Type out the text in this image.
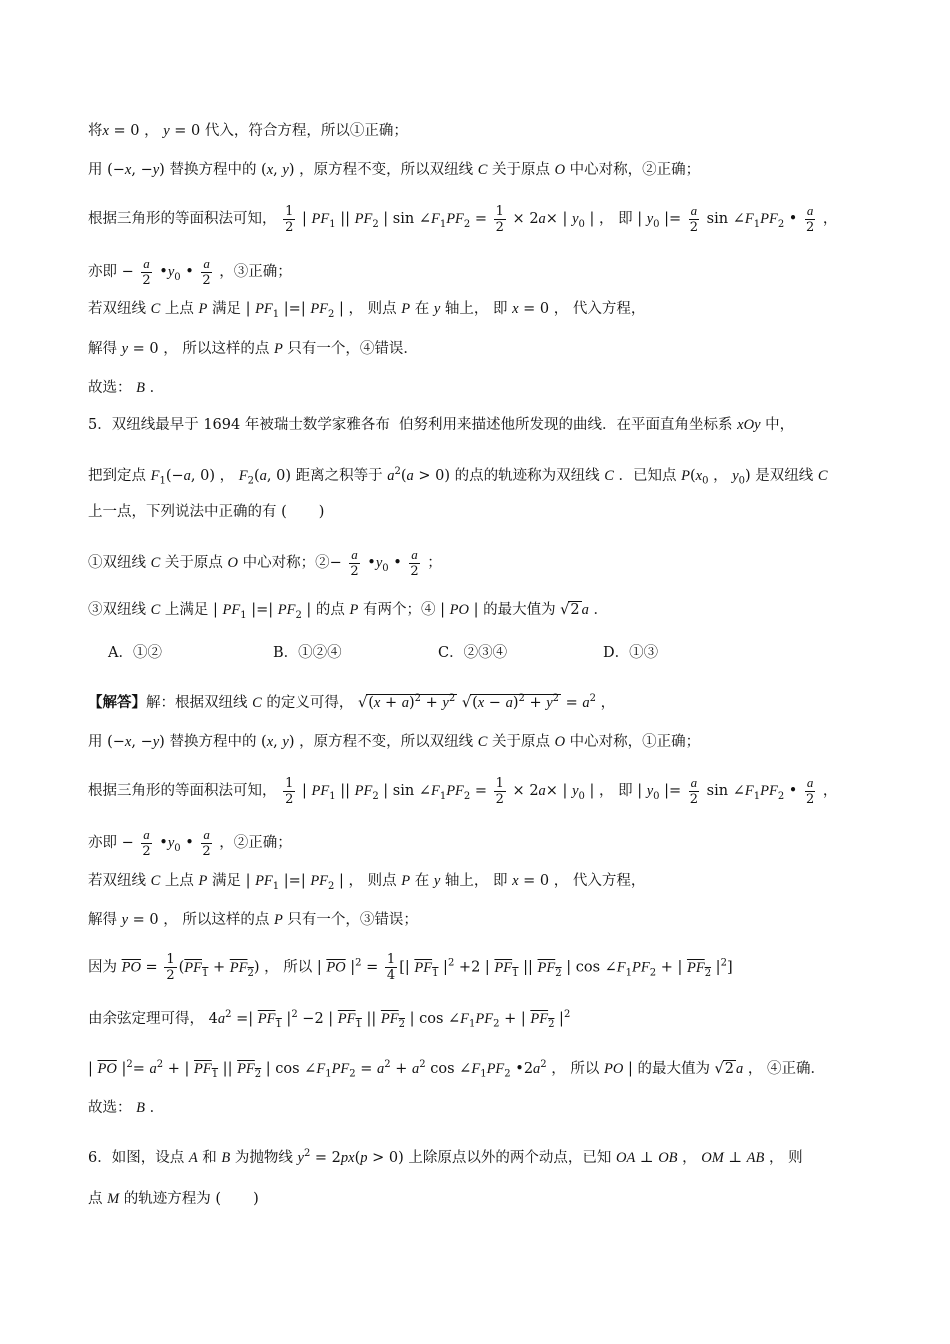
将x = 0 ， y = 0 代入，符合方程，所以①正确；
用 (−x, −y) 替换方程中的 (x, y) ，原方程不变，所以双纽线 C 关于原点 O 中心对称，②正确；
根据三角形的等面积法可知， $\frac{1}{2}$ | $PF_1$ || $PF_2$ | $\sin \angle F_1PF_2 = \frac{1}{2} \times 2a\times$ | $y_0$ | ， 即 | $y_0$ |= $\frac{a}{2}$ $\sin \angle F_1PF_2$ • $\frac{a}{2}$ ，
亦即 − $\frac{a}{2}$ $•y_0$ • $\frac{a}{2}$ ，③正确；
若双纽线 C 上点 P 满足 | $PF_1$ |=| $PF_2$ | ， 则点 P 在 y 轴上， 即 x = 0 ， 代入方程，
解得 y = 0 ， 所以这样的点 P 只有一个，④错误．
故选： B ．
5．双纽线最早于 1694 年被瑞士数学家雅各布  伯努利用来描述他所发现的曲线．在平面直角坐标系 xOy 中，
把到定点 $F_1(-a$, 0) ， $F_2(a$, 0) 距离之积等于 $a^2(a > 0)$ 的点的轨迹称为双纽线 C ．已知点 $P(x_0$ ， $y_0$) 是双纽线 C
上一点，下列说法中正确的有 ( )
①双纽线 C 关于原点 O 中心对称；②− $\frac{a}{2}$ $•y_0$ • $\frac{a}{2}$ ；
③双纽线 C 上满足 | $PF_1$ |=| $PF_2$ | 的点 P 有两个；④ | PO | 的最大值为 √2 a ．
A．①②	B．①②④	C．②③④	D．①③
【解答】解：根据双纽线 C 的定义可得， $√(x + a)^2 + y^2$ $√(x - a)^2 + y^2 = a^2$ ，
用 (−x, −y) 替换方程中的 (x, y) ，原方程不变，所以双纽线 C 关于原点 O 中心对称，①正确；
根据三角形的等面积法可知， $\frac{1}{2}$ | $PF_1$ || $PF_2$ | $\sin \angle F_1PF_2 = \frac{1}{2} \times 2a\times$ | $y_0$ | ， 即 | $y_0$ |= $\frac{a}{2}$ $\sin \angle F_1PF_2$ • $\frac{a}{2}$ ，
亦即 − $\frac{a}{2}$ $•y_0$ • $\frac{a}{2}$ ，②正确；
若双纽线 C 上点 P 满足 | $PF_1$ |=| $PF_2$ | ， 则点 P 在 y 轴上， 即 x = 0 ， 代入方程，
解得 y = 0 ， 所以这样的点 P 只有一个，③错误；
因为 $\overline{PO} = \frac{1}{2} (PF_1 + PF_2)$ ， 所以 | $\overline{PO}$ $|^2 = \frac{1}{4}$ [| $PF_1$ $|^2 +2$ | $PF_1$ || $PF_2$ | $\cos \angle F_1PF_2$ + | $PF_2$ $|^2$]
由余弦定理可得， $4a^2$ =| $PF_1$ $|^2 -2$ | $PF_1$ || $PF_2$ | $\cos \angle F_1PF_2$ + | $PF_2$ $|^2$
| $\overline{PO}$ $|^2= a^2$ + | $PF_1$ || $PF_2$ | $\cos \angle F_1PF_2 = a^2 + a^2$ $\cos \angle F_1PF_2$ $•2a^2$ ， 所以 PO | 的最大值为 √2 a ， ④正确．
故选： B ．
6．如图，设点 A 和 B 为抛物线 $y^2 = 2px(p > 0)$ 上除原点以外的两个动点，已知 OA ⊥ OB ， OM ⊥ AB ， 则
点 M 的轨迹方程为 ( )
